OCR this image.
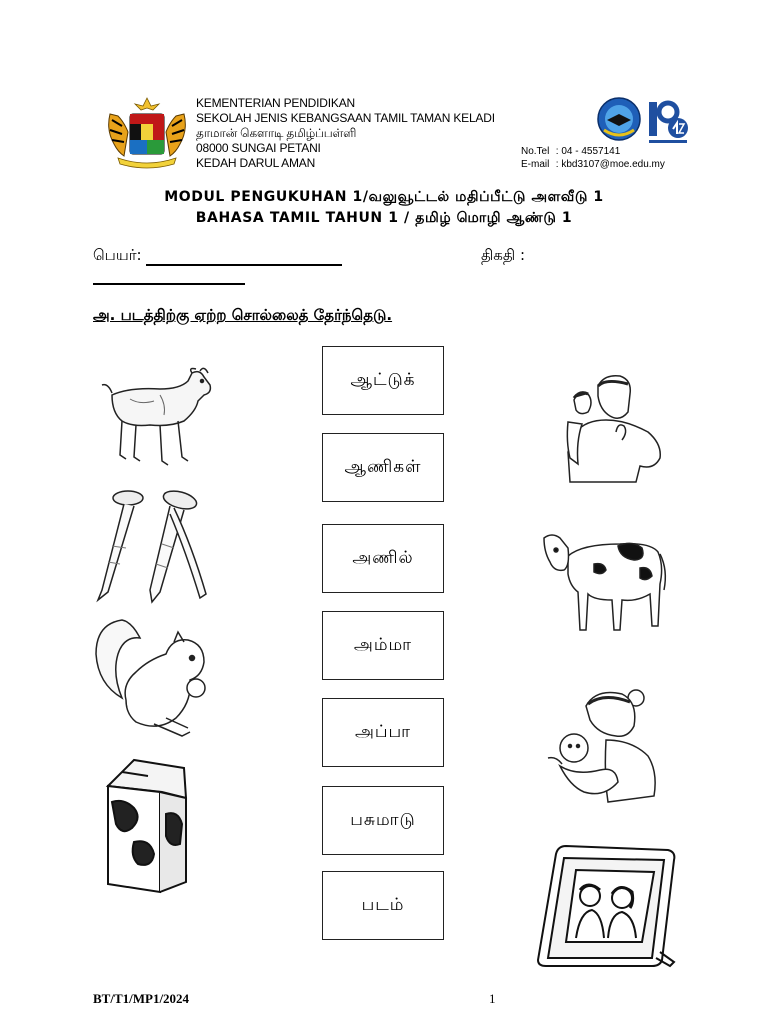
KEMENTERIAN PENDIDIKAN
SEKOLAH JENIS KEBANGSAAN TAMIL TAMAN KELADI
தாமான் கெளாடி தமிழ்ப்பள்ளி
08000 SUNGAI PETANI
KEDAH DARUL AMAN
No.Tel : 04 - 4557141
E-mail : kbd3107@moe.edu.my
MODUL PENGUKUHAN 1/வலுவூட்டல் மதிப்பீட்டு அளவீடு 1
BAHASA TAMIL TAHUN 1 / தமிழ் மொழி ஆண்டு 1
பெயர்:	திகதி :
அ. படத்திற்கு ஏற்ற சொல்லைத் தேர்ந்தெடு.
ஆட்டுக்
ஆணிகள்
அணில்
அம்மா
அப்பா
பசுமாடு
படம்
BT/T1/MP1/2024	1
